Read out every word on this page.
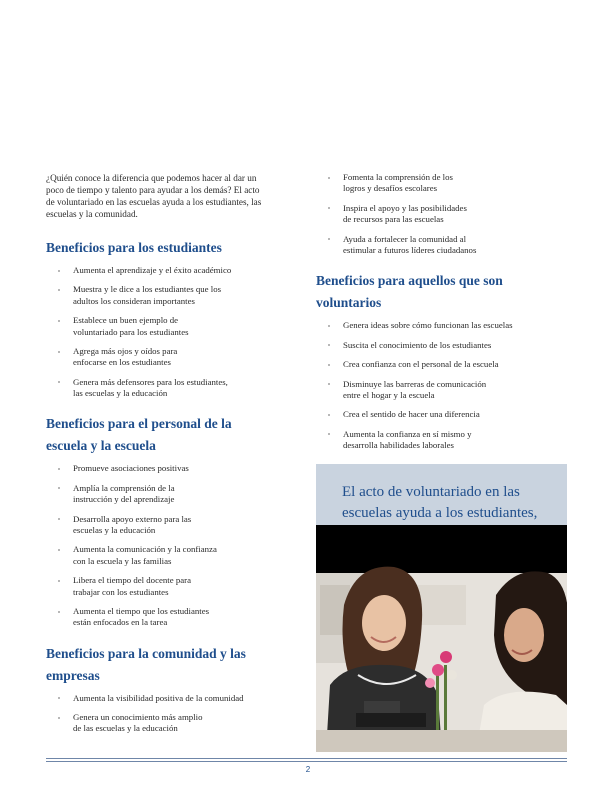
¿Quién conoce la diferencia que podemos hacer al dar un poco de tiempo y talento para ayudar a los demás? El acto de voluntariado en las escuelas ayuda a los estudiantes, las escuelas y la comunidad.

Beneficios para los estudiantes
Aumenta el aprendizaje y el éxito académico
Muestra y le dice a los estudiantes que los
adultos los consideran importantes
Establece un buen ejemplo de
voluntariado para los estudiantes
Agrega más ojos y oídos para
enfocarse en los estudiantes
Genera más defensores para los estudiantes,
las escuelas y la educación
Beneficios para el personal de la escuela y la escuela
Promueve asociaciones positivas
Amplía la comprensión de la
instrucción y del aprendizaje
Desarrolla apoyo externo para las
escuelas y la educación
Aumenta la comunicación y la confianza
con la escuela y las familias
Libera el tiempo del docente para
trabajar con los estudiantes
Aumenta el tiempo que los estudiantes
están enfocados en la tarea
Beneficios para la comunidad y las empresas
Aumenta la visibilidad positiva de la comunidad
Genera un conocimiento más amplio
de las escuelas y la educación
Fomenta la comprensión de los
logros y desafíos escolares
Inspira el apoyo y las posibilidades
de recursos para las escuelas
Ayuda a fortalecer la comunidad al
estimular a futuros líderes ciudadanos
Beneficios para aquellos que son voluntarios
Genera ideas sobre cómo funcionan las escuelas
Suscita el conocimiento de los estudiantes
Crea confianza con el personal de la escuela
Disminuye las barreras de comunicación
entre el hogar y la escuela
Crea el sentido de hacer una diferencia
Aumenta la confianza en sí mismo y
desarrolla habilidades laborales
El acto de voluntariado en las escuelas ayuda a los estudiantes,
2
